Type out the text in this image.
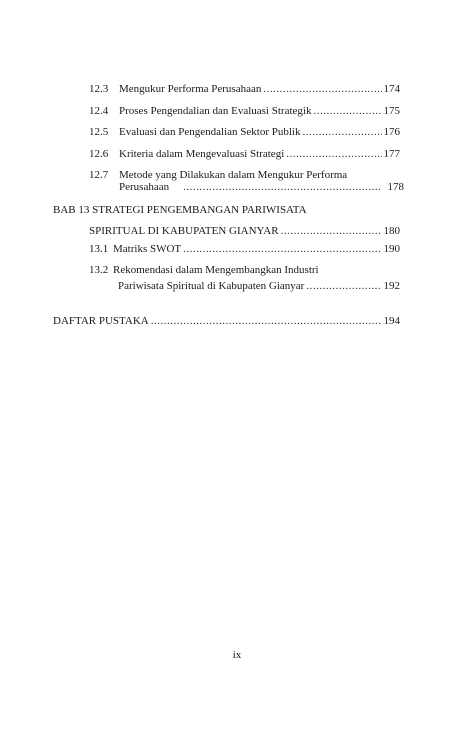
12.3 Mengukur Performa Perusahaan .....	174
12.4 Proses Pengendalian dan Evaluasi Strategik .....	175
12.5 Evaluasi dan Pengendalian Sektor Publik .....	176
12.6 Kriteria dalam Mengevaluasi Strategi .....	177
12.7 Metode yang Dilakukan dalam Mengukur Performa
Perusahaan .....	178
BAB 13 STRATEGI PENGEMBANGAN PARIWISATA
SPIRITUAL DI KABUPATEN GIANYAR .....	180
13.1 Matriks SWOT .....	190
13.2 Rekomendasi dalam Mengembangkan Industri
Pariwisata Spiritual di Kabupaten Gianyar .....	192
DAFTAR PUSTAKA .....	194
ix
